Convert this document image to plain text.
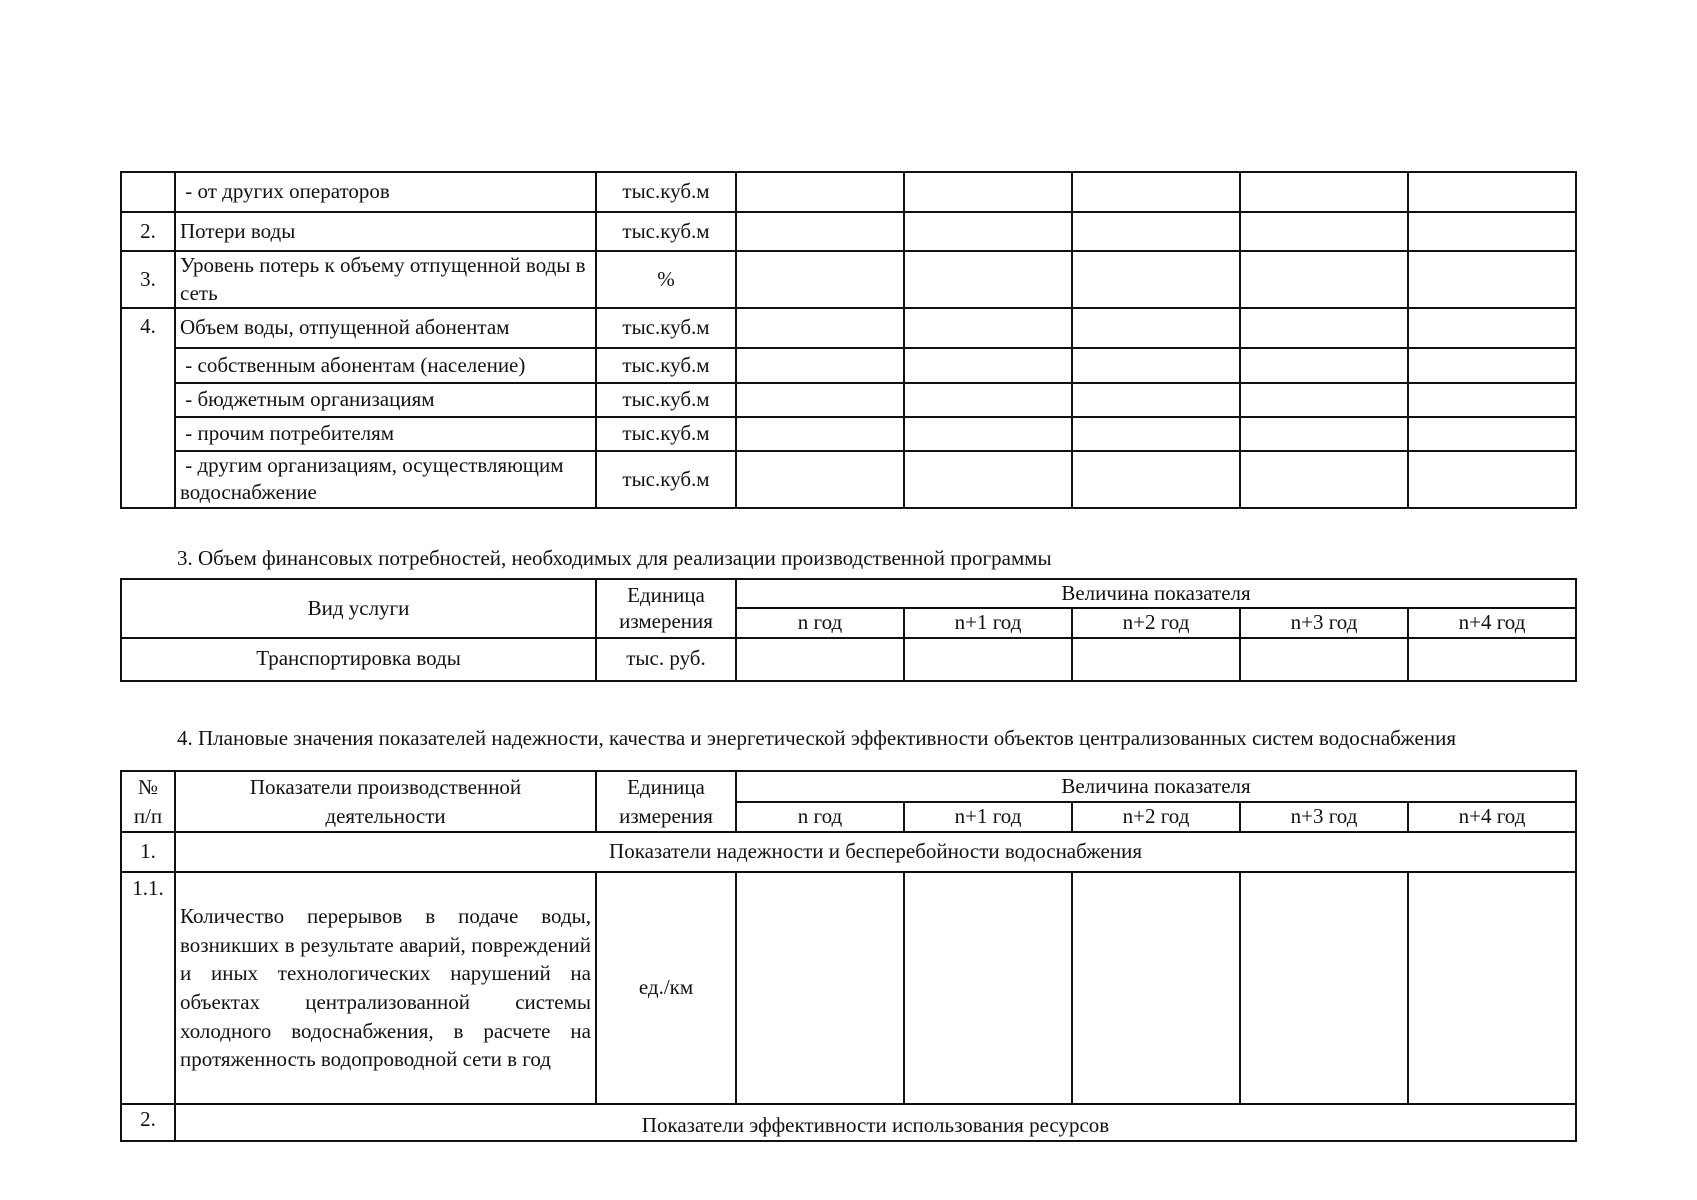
	- от других операторов	тыс.куб.м					
2.	Потери воды	тыс.куб.м					
3.	Уровень потерь к объему отпущенной воды в сеть	%					
4.	Объем воды, отпущенной абонентам	тыс.куб.м					
	- собственным абонентам (население)	тыс.куб.м					
	- бюджетным организациям	тыс.куб.м					
	- прочим потребителям	тыс.куб.м					
	- другим организациям, осуществляющим водоснабжение	тыс.куб.м					
3. Объем финансовых потребностей, необходимых для реализации производственной программы
Вид услуги	Единица измерения	Величина показателя				
		n год	n+1 год	n+2 год	n+3 год	n+4 год
Транспортировка воды	тыс. руб.					
4. Плановые значения показателей надежности, качества и энергетической эффективности объектов централизованных систем водоснабжения
№ п/п	Показатели производственной деятельности	Единица измерения	Величина показателя				
			n год	n+1 год	n+2 год	n+3 год	n+4 год
1.	Показатели надежности и бесперебойности водоснабжения						
1.1.	Количество перерывов в подаче воды, возникших в результате аварий, повреждений и иных технологических нарушений на объектах централизованной системы холодного водоснабжения, в расчете на протяженность водопроводной сети в год	ед./км					
2.	Показатели эффективности использования ресурсов						
